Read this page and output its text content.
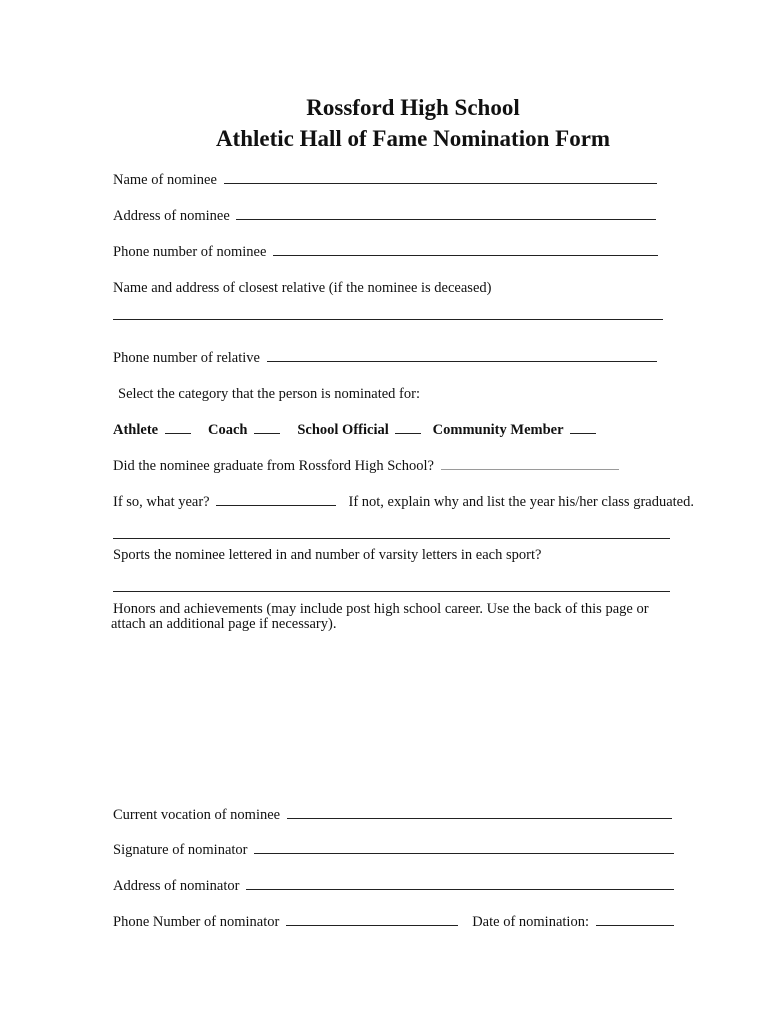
Rossford High School
Athletic Hall of Fame Nomination Form
Name of nominee
Address of nominee
Phone number of nominee
Name and address of closest relative (if the nominee is deceased)
Phone number of relative
Select the category that the person is nominated for:
Athlete	Coach	School Official	Community Member
Did the nominee graduate from Rossford High School?
If so, what year?	If not, explain why and list the year his/her class graduated.
Sports the nominee lettered in and number of varsity letters in each sport?
Honors and achievements (may include post high school career. Use the back of this page or
attach an additional page if necessary).
Current vocation of nominee
Signature of nominator
Address of nominator
Phone Number of nominator	Date of nomination:
